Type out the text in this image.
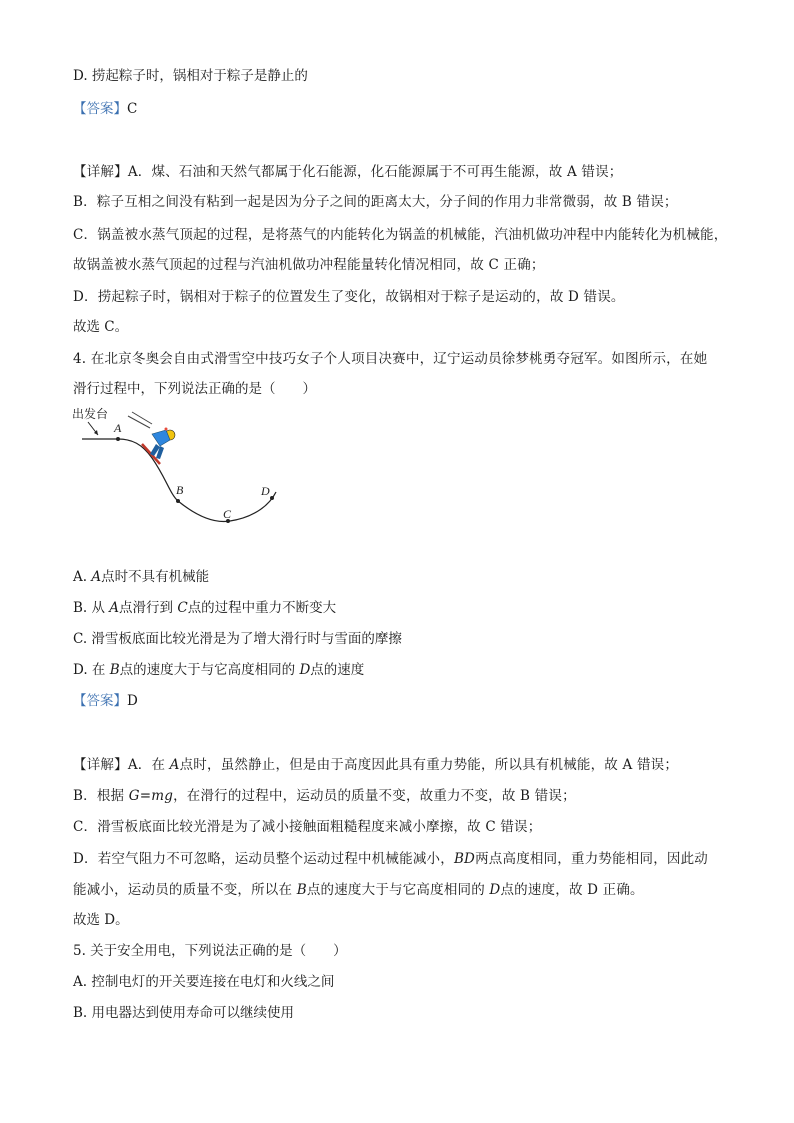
D. 捞起粽子时，锅相对于粽子是静止的
【答案】C
【详解】A．煤、石油和天然气都属于化石能源，化石能源属于不可再生能源，故 A 错误；
B．粽子互相之间没有粘到一起是因为分子之间的距离太大，分子间的作用力非常微弱，故 B 错误；
C．锅盖被水蒸气顶起的过程，是将蒸气的内能转化为锅盖的机械能，汽油机做功冲程中内能转化为机械能，
故锅盖被水蒸气顶起的过程与汽油机做功冲程能量转化情况相同，故 C 正确；
D．捞起粽子时，锅相对于粽子的位置发生了变化，故锅相对于粽子是运动的，故 D 错误。
故选 C。
4. 在北京冬奥会自由式滑雪空中技巧女子个人项目决赛中，辽宁运动员徐梦桃勇夺冠军。如图所示，在她
滑行过程中，下列说法正确的是（　　）
出发台
A
B
C
D
A. A点时不具有机械能
B. 从 A点滑行到 C点的过程中重力不断变大
C. 滑雪板底面比较光滑是为了增大滑行时与雪面的摩擦
D. 在 B点的速度大于与它高度相同的 D点的速度
【答案】D
【详解】A．在 A点时，虽然静止，但是由于高度因此具有重力势能，所以具有机械能，故 A 错误；
B．根据 G=mg，在滑行的过程中，运动员的质量不变，故重力不变，故 B 错误；
C．滑雪板底面比较光滑是为了减小接触面粗糙程度来减小摩擦，故 C 错误；
D．若空气阻力不可忽略，运动员整个运动过程中机械能减小，BD两点高度相同，重力势能相同，因此动
能减小，运动员的质量不变，所以在 B点的速度大于与它高度相同的 D点的速度，故 D 正确。
故选 D。
5. 关于安全用电，下列说法正确的是（　　）
A. 控制电灯的开关要连接在电灯和火线之间
B. 用电器达到使用寿命可以继续使用
